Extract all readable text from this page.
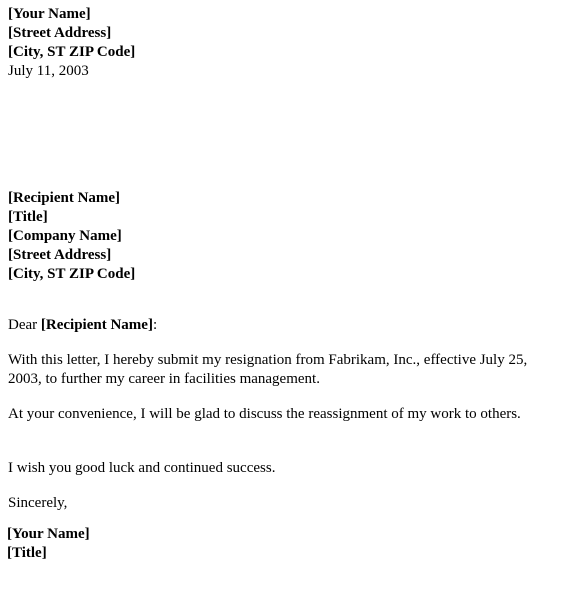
[Your Name]
[Street Address]
[City, ST ZIP Code]
July 11, 2003
[Recipient Name]
[Title]
[Company Name]
[Street Address]
[City, ST ZIP Code]
Dear [Recipient Name]:
With this letter, I hereby submit my resignation from Fabrikam, Inc., effective July 25, 2003, to further my career in facilities management.
At your convenience, I will be glad to discuss the reassignment of my work to others.
I wish you good luck and continued success.
Sincerely,
[Your Name]
[Title]
